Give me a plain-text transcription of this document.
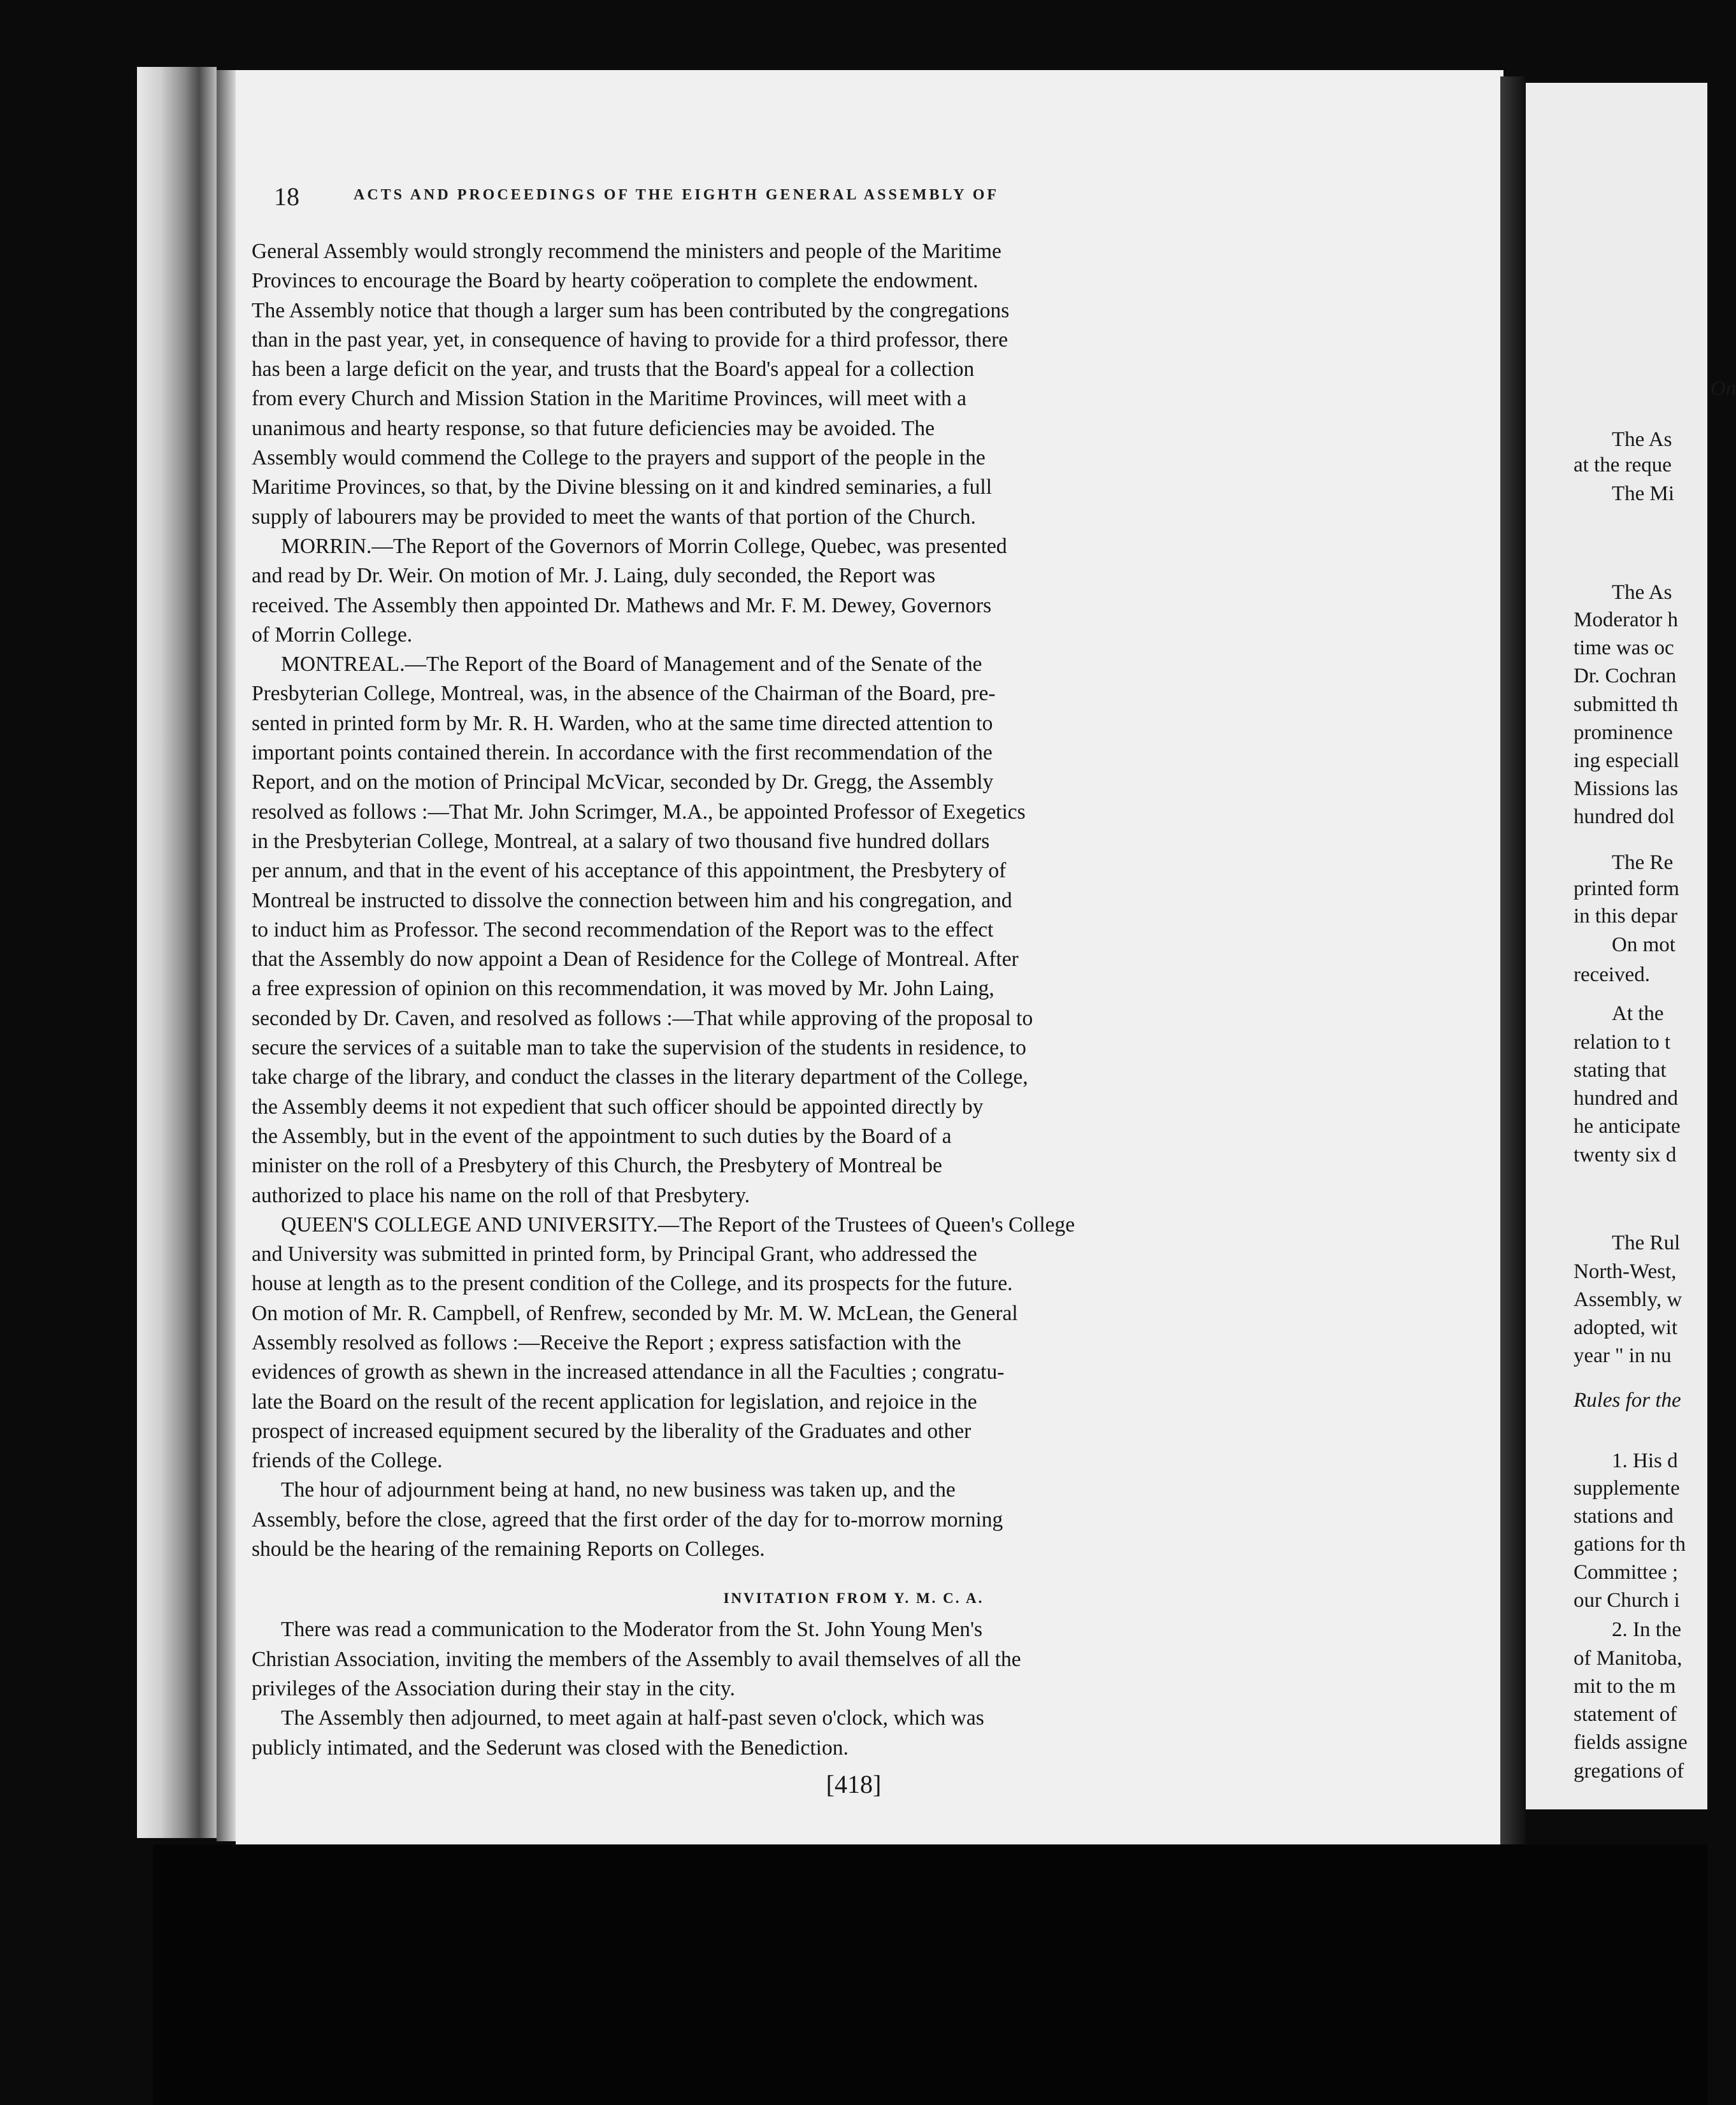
18	ACTS AND PROCEEDINGS OF THE EIGHTH GENERAL ASSEMBLY OF
General Assembly would strongly recommend the ministers and people of the Maritime
Provinces to encourage the Board by hearty coöperation to complete the endowment.
The Assembly notice that though a larger sum has been contributed by the congregations
than in the past year, yet, in consequence of having to provide for a third professor, there
has been a large deficit on the year, and trusts that the Board's appeal for a collection
from every Church and Mission Station in the Maritime Provinces, will meet with a
unanimous and hearty response, so that future deficiencies may be avoided. The
Assembly would commend the College to the prayers and support of the people in the
Maritime Provinces, so that, by the Divine blessing on it and kindred seminaries, a full
supply of labourers may be provided to meet the wants of that portion of the Church.
MORRIN.—The Report of the Governors of Morrin College, Quebec, was presented
and read by Dr. Weir. On motion of Mr. J. Laing, duly seconded, the Report was
received. The Assembly then appointed Dr. Mathews and Mr. F. M. Dewey, Governors
of Morrin College.
MONTREAL.—The Report of the Board of Management and of the Senate of the
Presbyterian College, Montreal, was, in the absence of the Chairman of the Board, pre-
sented in printed form by Mr. R. H. Warden, who at the same time directed attention to
important points contained therein. In accordance with the first recommendation of the
Report, and on the motion of Principal McVicar, seconded by Dr. Gregg, the Assembly
resolved as follows :—That Mr. John Scrimger, M.A., be appointed Professor of Exegetics
in the Presbyterian College, Montreal, at a salary of two thousand five hundred dollars
per annum, and that in the event of his acceptance of this appointment, the Presbytery of
Montreal be instructed to dissolve the connection between him and his congregation, and
to induct him as Professor. The second recommendation of the Report was to the effect
that the Assembly do now appoint a Dean of Residence for the College of Montreal. After
a free expression of opinion on this recommendation, it was moved by Mr. John Laing,
seconded by Dr. Caven, and resolved as follows :—That while approving of the proposal to
secure the services of a suitable man to take the supervision of the students in residence, to
take charge of the library, and conduct the classes in the literary department of the College,
the Assembly deems it not expedient that such officer should be appointed directly by
the Assembly, but in the event of the appointment to such duties by the Board of a
minister on the roll of a Presbytery of this Church, the Presbytery of Montreal be
authorized to place his name on the roll of that Presbytery.
QUEEN'S COLLEGE AND UNIVERSITY.—The Report of the Trustees of Queen's College
and University was submitted in printed form, by Principal Grant, who addressed the
house at length as to the present condition of the College, and its prospects for the future.
On motion of Mr. R. Campbell, of Renfrew, seconded by Mr. M. W. McLean, the General
Assembly resolved as follows :—Receive the Report ; express satisfaction with the
evidences of growth as shewn in the increased attendance in all the Faculties ; congratu-
late the Board on the result of the recent application for legislation, and rejoice in the
prospect of increased equipment secured by the liberality of the Graduates and other
friends of the College.
The hour of adjournment being at hand, no new business was taken up, and the
Assembly, before the close, agreed that the first order of the day for to-morrow morning
should be the hearing of the remaining Reports on Colleges.
INVITATION FROM Y. M. C. A.
There was read a communication to the Moderator from the St. John Young Men's
Christian Association, inviting the members of the Assembly to avail themselves of all the
privileges of the Association during their stay in the city.
The Assembly then adjourned, to meet again at half-past seven o'clock, which was
publicly intimated, and the Sederunt was closed with the Benediction.
[418]
On
The As
at the reque
The Mi
The As
Moderator h
time was oc
Dr. Cochran
submitted th
prominence
ing especiall
Missions las
hundred dol
The Re
printed form
in this depar
On mot
received.
At the
relation to t
stating that
hundred and
he anticipate
twenty six d
The Rul
North-West,
Assembly, w
adopted, wit
year " in nu
Rules for the
1. His d
supplemente
stations and
gations for th
Committee ;
our Church i
2. In the
of Manitoba,
mit to the m
statement of
fields assigne
gregations of
